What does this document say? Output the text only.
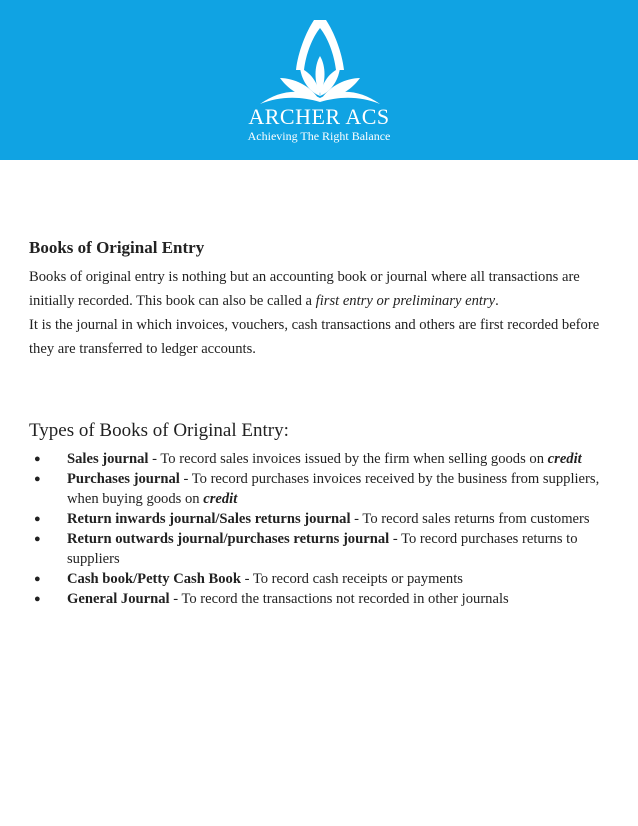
ARCHER ACS
Achieving The Right Balance
Books of Original Entry

Books of original entry is nothing but an accounting book or journal where all transactions are initially recorded. This book can also be called a first entry or preliminary entry.

It is the journal in which invoices, vouchers, cash transactions and others are first recorded before they are transferred to ledger accounts.

Types of Books of Original Entry:
● Sales journal - To record sales invoices issued by the firm when selling goods on credit
● Purchases journal - To record purchases invoices received by the business from suppliers, when buying goods on credit
● Return inwards journal/Sales returns journal - To record sales returns from customers
● Return outwards journal/purchases returns journal - To record purchases returns to suppliers
● Cash book/Petty Cash Book - To record cash receipts or payments
● General Journal - To record the transactions not recorded in other journals
